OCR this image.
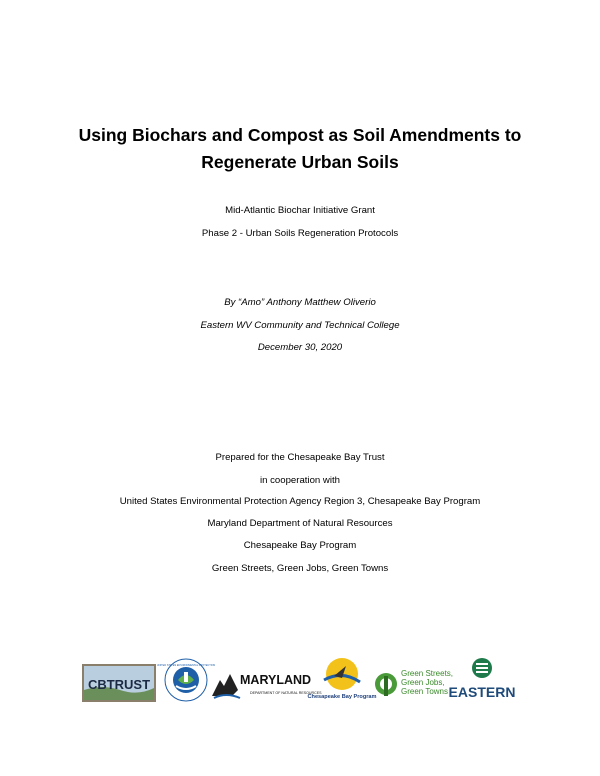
Using Biochars and Compost as Soil Amendments to
Regenerate Urban Soils
Mid-Atlantic Biochar Initiative Grant
Phase 2 - Urban Soils Regeneration Protocols
By “Amo” Anthony Matthew Oliverio
Eastern WV Community and Technical College
December 30, 2020
Prepared for the Chesapeake Bay Trust
in cooperation with
United States Environmental Protection Agency Region 3, Chesapeake Bay Program
Maryland Department of Natural Resources
Chesapeake Bay Program
Green Streets, Green Jobs, Green Towns
CBTRUST
UNITED STATES ENVIRONMENTAL PROTECTION
MARYLAND
DEPARTMENT OF NATURAL RESOURCES
Chesapeake Bay Program
Green Streets,
Green Jobs,
Green Towns EASTERN
